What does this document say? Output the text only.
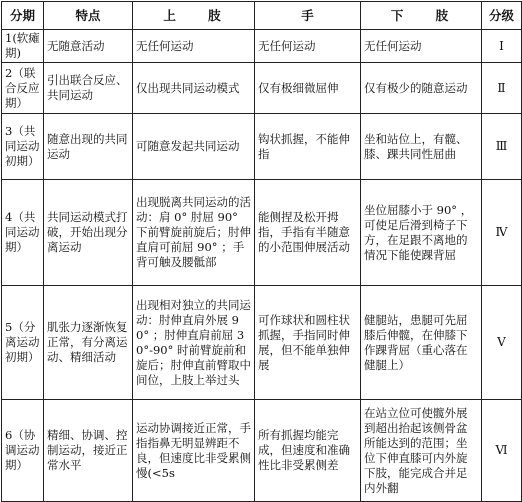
分期	特点	上 肢	手	下 肢	分级
1(软瘫期)	无随意活动	无任何运动	无任何运动	无任何运动	Ⅰ
2（联合反应期）	引出联合反应、共同运动	仅出现共同运动模式	仅有极细微屈伸	仅有极少的随意运动	Ⅱ
3（共同运动初期）	随意出现的共同运动	可随意发起共同运动	钩状抓握，不能伸指	坐和站位上，有髋、膝、踝共同性屈曲	Ⅲ
4（共同运动期）	共同运动模式打破，开始出现分离运动	出现脱离共同运动的活动：肩 0° 肘屈 90° 下前臂旋前旋后；肘伸直肩可前屈 90° ；手背可触及腰骶部	能侧捏及松开拇指，手指有半随意的小范围伸展活动	坐位屈膝小于 90° ，可使足后滑到椅子下方，在足跟不离地的情况下能使踝背屈	Ⅳ
5（分离运动初期）	肌张力逐渐恢复正常，有分离运动、精细活动	出现相对独立的共同运动：肘伸直肩外展 90° ；肘伸直肩前屈 30°-90° 时前臂旋前和旋后；肘伸直前臂取中间位，上肢上举过头	可作球状和圆柱状抓握，手指同时伸展，但不能单独伸展	健腿站，患腿可先屈膝后伸髋，在伸膝下作踝背屈（重心落在健腿上）	Ⅴ
6（协调运动期）	精细、协调、控制运动，接近正常水平	运动协调接近正常，手指指鼻无明显辨距不良，但速度比非受累侧慢(<5s	所有抓握均能完成，但速度和准确性比非受累侧差	在站立位可使髋外展到超出抬起该侧骨盆所能达到的范围；坐位下伸直膝可内外旋下肢，能完成合并足内外翻	Ⅵ
